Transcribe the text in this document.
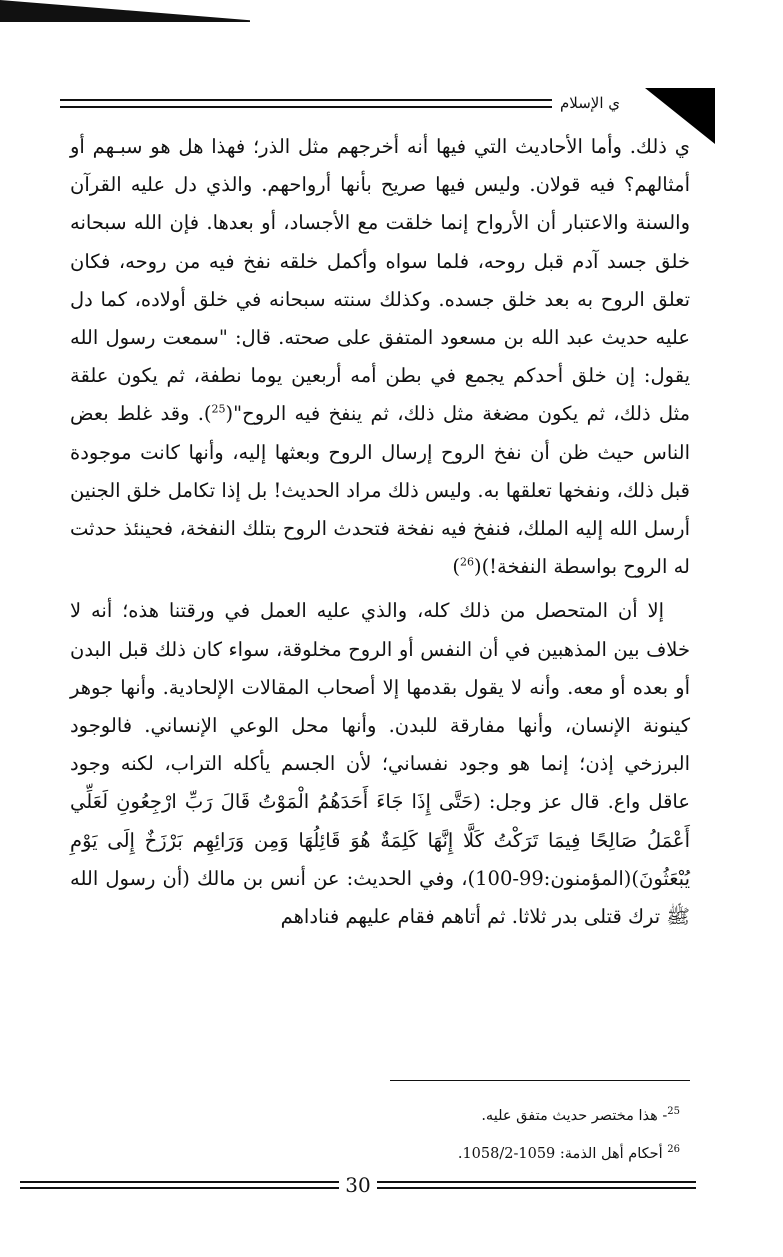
ي الإسلام

ي ذلك. وأما الأحاديث التي فيها أنه أخرجهم مثل الذر؛ فهذا هل هو سبـهم أو أمثالهم؟ فيه قولان. وليس فيها صريح بأنها أرواحهم. والذي دل عليه القرآن والسنة والاعتبار أن الأرواح إنما خلقت مع الأجساد، أو بعدها. فإن الله سبحانه خلق جسد آدم قبل روحه، فلما سواه وأكمل خلقه نفخ فيه من روحه، فكان تعلق الروح به بعد خلق جسده. وكذلك سنته سبحانه في خلق أولاده، كما دل عليه حديث عبد الله بن مسعود المتفق على صحته. قال: "سمعت رسول الله يقول: إن خلق أحدكم يجمع في بطن أمه أربعين يوما نطفة، ثم يكون علقة مثل ذلك، ثم يكون مضغة مثل ذلك، ثم ينفخ فيه الروح"($^{25}$). وقد غلط بعض الناس حيث ظن أن نفخ الروح إرسال الروح وبعثها إليه، وأنها كانت موجودة قبل ذلك، ونفخها تعلقها به. وليس ذلك مراد الحديث! بل إذا تكامل خلق الجنين أرسل الله إليه الملك، فنفخ فيه نفخة فتحدث الروح بتلك النفخة، فحينئذ حدثت له الروح بواسطة النفخة!)($^{26}$)

إلا أن المتحصل من ذلك كله، والذي عليه العمل في ورقتنا هذه؛ أنه لا خلاف بين المذهبين في أن النفس أو الروح مخلوقة، سواء كان ذلك قبل البدن أو بعده أو معه. وأنه لا يقول بقدمها إلا أصحاب المقالات الإلحادية. وأنها جوهر كينونة الإنسان، وأنها مفارقة للبدن. وأنها محل الوعي الإنساني. فالوجود البرزخي إذن؛ إنما هو وجود نفساني؛ لأن الجسم يأكله التراب، لكنه وجود عاقل واع. قال عز وجل: (حَتَّى إِذَا جَاءَ أَحَدَهُمُ الْمَوْتُ قَالَ رَبِّ ارْجِعُونِ لَعَلِّي أَعْمَلُ صَالِحًا فِيمَا تَرَكْتُ كَلَّا إِنَّهَا كَلِمَةٌ هُوَ قَائِلُهَا وَمِن وَرَائِهِم بَرْزَخٌ إِلَى يَوْمِ يُبْعَثُونَ)(المؤمنون:99-100)، وفي الحديث: عن أنس بن مالك (أن رسول الله ﷺ ترك قتلى بدر ثلاثا. ثم أتاهم فقام عليهم فناداهم

$^{25}$- هذا مختصر حديث متفق عليه.
$^{26}$ أحكام أهل الذمة: 1059-1058/2.
30
